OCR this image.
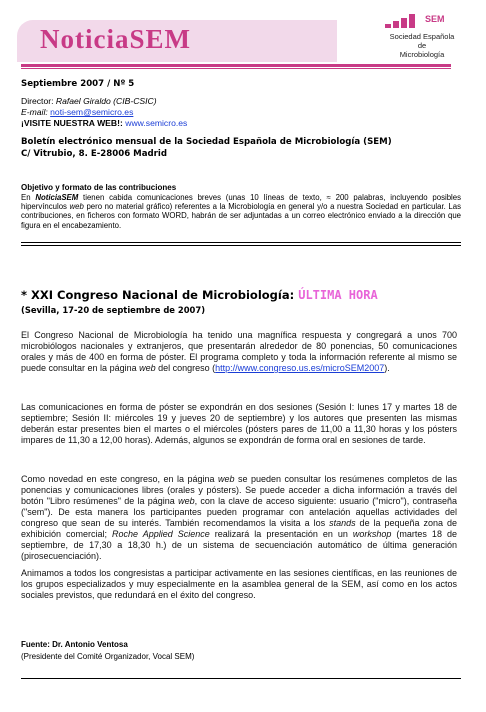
NoticiaSEM
SEM
Sociedad Española
de
Microbiología
Septiembre 2007 / Nº 5
Director: Rafael Giraldo (CIB-CSIC)
E-mail: noti-sem@semicro.es
¡VISITE NUESTRA WEB!: www.semicro.es
Boletín electrónico mensual de la Sociedad Española de Microbiología (SEM)
C/ Vitrubio, 8. E-28006 Madrid
Objetivo y formato de las contribuciones
En NoticiaSEM tienen cabida comunicaciones breves (unas 10 líneas de texto, ≈ 200 palabras, incluyendo posibles hipervínculos web pero no material gráfico) referentes a la Microbiología en general y/o a nuestra Sociedad en particular. Las contribuciones, en ficheros con formato WORD, habrán de ser adjuntadas a un correo electrónico enviado a la dirección que figura en el encabezamiento.
* XXI Congreso Nacional de Microbiología: ÚLTIMA HORA
(Sevilla, 17-20 de septiembre de 2007)
El Congreso Nacional de Microbiología ha tenido una magnífica respuesta y congregará a unos 700 microbiólogos nacionales y extranjeros, que presentarán alrededor de 80 ponencias, 50 comunicaciones orales y más de 400 en forma de póster. El programa completo y toda la información referente al mismo se puede consultar en la página web del congreso (http://www.congreso.us.es/microSEM2007).
Las comunicaciones en forma de póster se expondrán en dos sesiones (Sesión I: lunes 17 y martes 18 de septiembre; Sesión II: miércoles 19 y jueves 20 de septiembre) y los autores que presenten las mismas deberán estar presentes bien el martes o el miércoles (pósters pares de 11,00 a 11,30 horas y los pósters impares de 11,30 a 12,00 horas). Además, algunos se expondrán de forma oral en sesiones de tarde.
Como novedad en este congreso, en la página web se pueden consultar los resúmenes completos de las ponencias y comunicaciones libres (orales y pósters). Se puede acceder a dicha información a través del botón "Libro resúmenes" de la página web, con la clave de acceso siguiente: usuario ("micro"), contraseña ("sem"). De esta manera los participantes pueden programar con antelación aquellas actividades del congreso que sean de su interés. También recomendamos la visita a los stands de la pequeña zona de exhibición comercial; Roche Applied Science realizará la presentación en un workshop (martes 18 de septiembre, de 17,30 a 18,30 h.) de un sistema de secuenciación automático de última generación (pirosecuenciación).
Animamos a todos los congresistas a participar activamente en las sesiones científicas, en las reuniones de los grupos especializados y muy especialmente en la asamblea general de la SEM, así como en los actos sociales previstos, que redundará en el éxito del congreso.
Fuente: Dr. Antonio Ventosa
(Presidente del Comité Organizador, Vocal SEM)
